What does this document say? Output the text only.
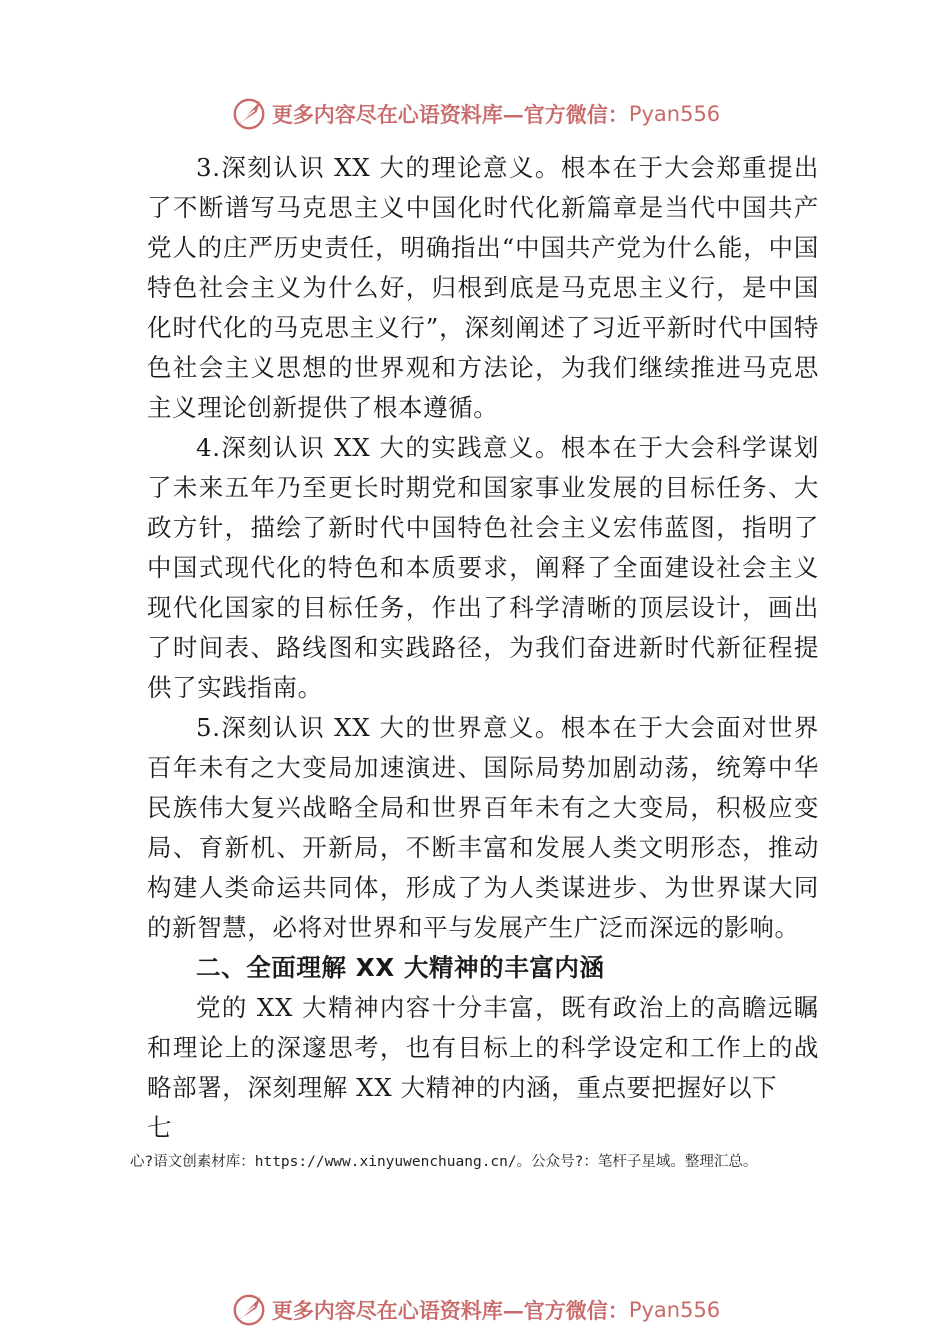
更多内容尽在心语资料库—官方微信： Pyan556

3.深刻认识 XX 大的理论意义。根本在于大会郑重提出了不断谱写马克思主义中国化时代化新篇章是当代中国共产党人的庄严历史责任，明确指出“中国共产党为什么能，中国特色社会主义为什么好，归根到底是马克思主义行，是中国化时代化的马克思主义行”，深刻阐述了习近平新时代中国特色社会主义思想的世界观和方法论，为我们继续推进马克思主义理论创新提供了根本遵循。

4.深刻认识 XX 大的实践意义。根本在于大会科学谋划了未来五年乃至更长时期党和国家事业发展的目标任务、大政方针，描绘了新时代中国特色社会主义宏伟蓝图，指明了中国式现代化的特色和本质要求，阐释了全面建设社会主义现代化国家的目标任务，作出了科学清晰的顶层设计，画出了时间表、路线图和实践路径，为我们奋进新时代新征程提供了实践指南。

5.深刻认识 XX 大的世界意义。根本在于大会面对世界百年未有之大变局加速演进、国际局势加剧动荡，统筹中华民族伟大复兴战略全局和世界百年未有之大变局，积极应变局、育新机、开新局，不断丰富和发展人类文明形态，推动构建人类命运共同体，形成了为人类谋进步、为世界谋大同的新智慧，必将对世界和平与发展产生广泛而深远的影响。

二、全面理解 XX 大精神的丰富内涵

党的 XX 大精神内容十分丰富，既有政治上的高瞻远瞩和理论上的深邃思考，也有目标上的科学设定和工作上的战略部署，深刻理解 XX 大精神的内涵，重点要把握好以下

七

心?语文创素材库：https://www.xinyuwenchuang.cn/。公众号?：笔杆子星域。整理汇总。
更多内容尽在心语资料库—官方微信： Pyan556
